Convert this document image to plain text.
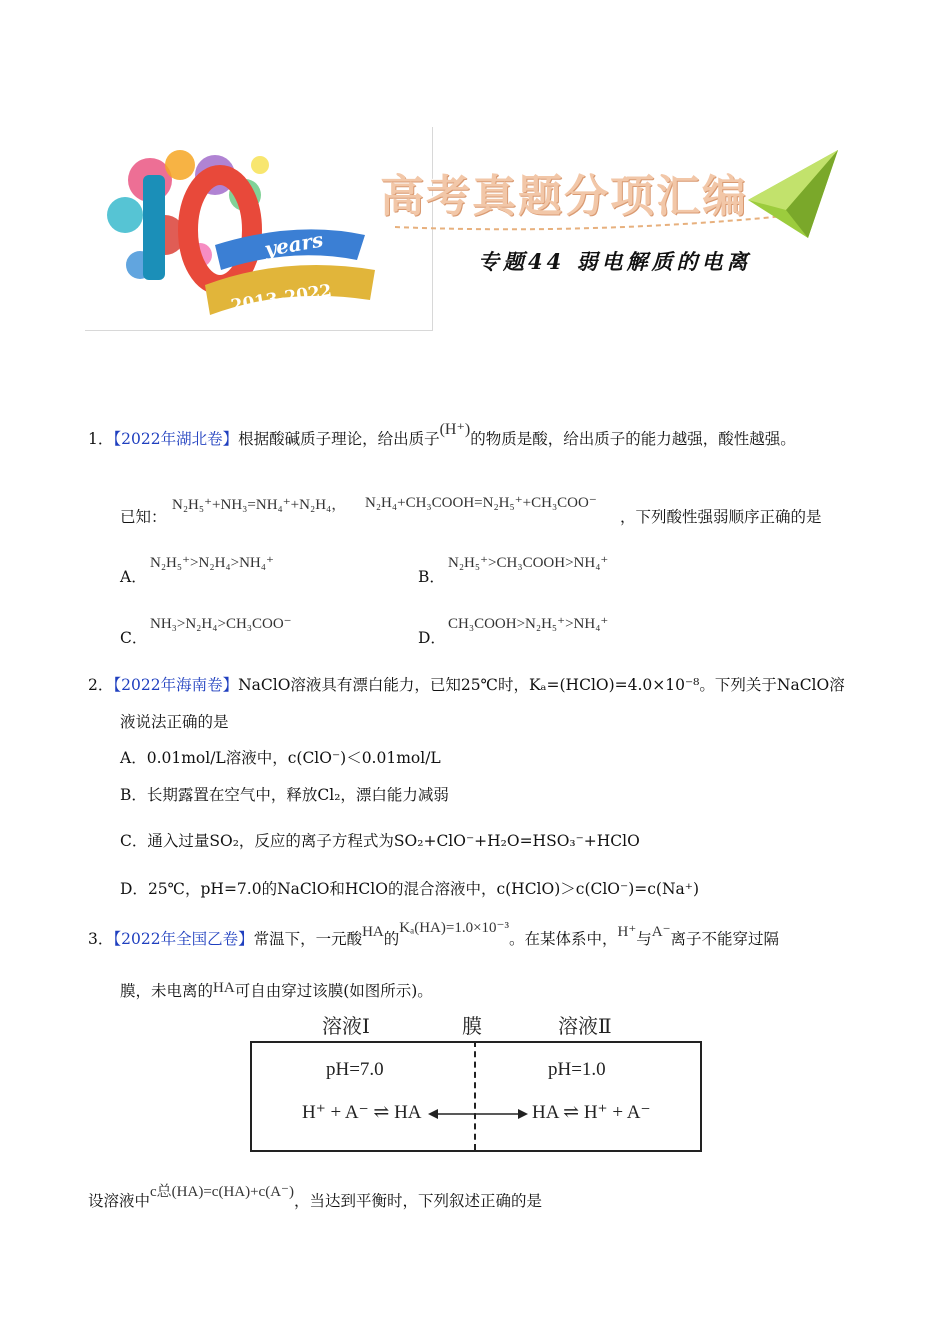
years
2013-2022
高考真题分项汇编
专题44 弱电解质的电离
1．【2022年湖北卷】根据酸碱质子理论，给出质子(H⁺)的物质是酸，给出质子的能力越强，酸性越强。
已知：
N₂H₅⁺+NH₃=NH₄⁺+N₂H₄， N₂H₄+CH₃COOH=N₂H₅⁺+CH₃COO⁻
，下列酸性强弱顺序正确的是
A．
N₂H₅⁺>N₂H₄>NH₄⁺
B．
N₂H₅⁺>CH₃COOH>NH₄⁺
C．
NH₃>N₂H₄>CH₃COO⁻
D．
CH₃COOH>N₂H₅⁺>NH₄⁺
2．【2022年海南卷】NaClO溶液具有漂白能力，已知25℃时，Kₐ=(HClO)=4.0×10⁻⁸。下列关于NaClO溶
液说法正确的是
A．0.01mol/L溶液中，c(ClO⁻)＜0.01mol/L
B．长期露置在空气中，释放Cl₂，漂白能力减弱
C．通入过量SO₂，反应的离子方程式为SO₂+ClO⁻+H₂O=HSO₃⁻+HClO
D．25℃，pH=7.0的NaClO和HClO的混合溶液中，c(HClO)＞c(ClO⁻)=c(Na⁺)
3．【2022年全国乙卷】常温下，一元酸HA的Kₐ(HA)=1.0×10⁻³。在某体系中，H⁺与A⁻离子不能穿过隔
膜，未电离的HA可自由穿过该膜(如图所示)。
溶液Ⅰ	膜	溶液Ⅱ
pH=7.0	pH=1.0
H⁺ + A⁻ ⇌ HA	HA ⇌ H⁺ + A⁻
设溶液中c总(HA)=c(HA)+c(A⁻)，当达到平衡时，下列叙述正确的是
